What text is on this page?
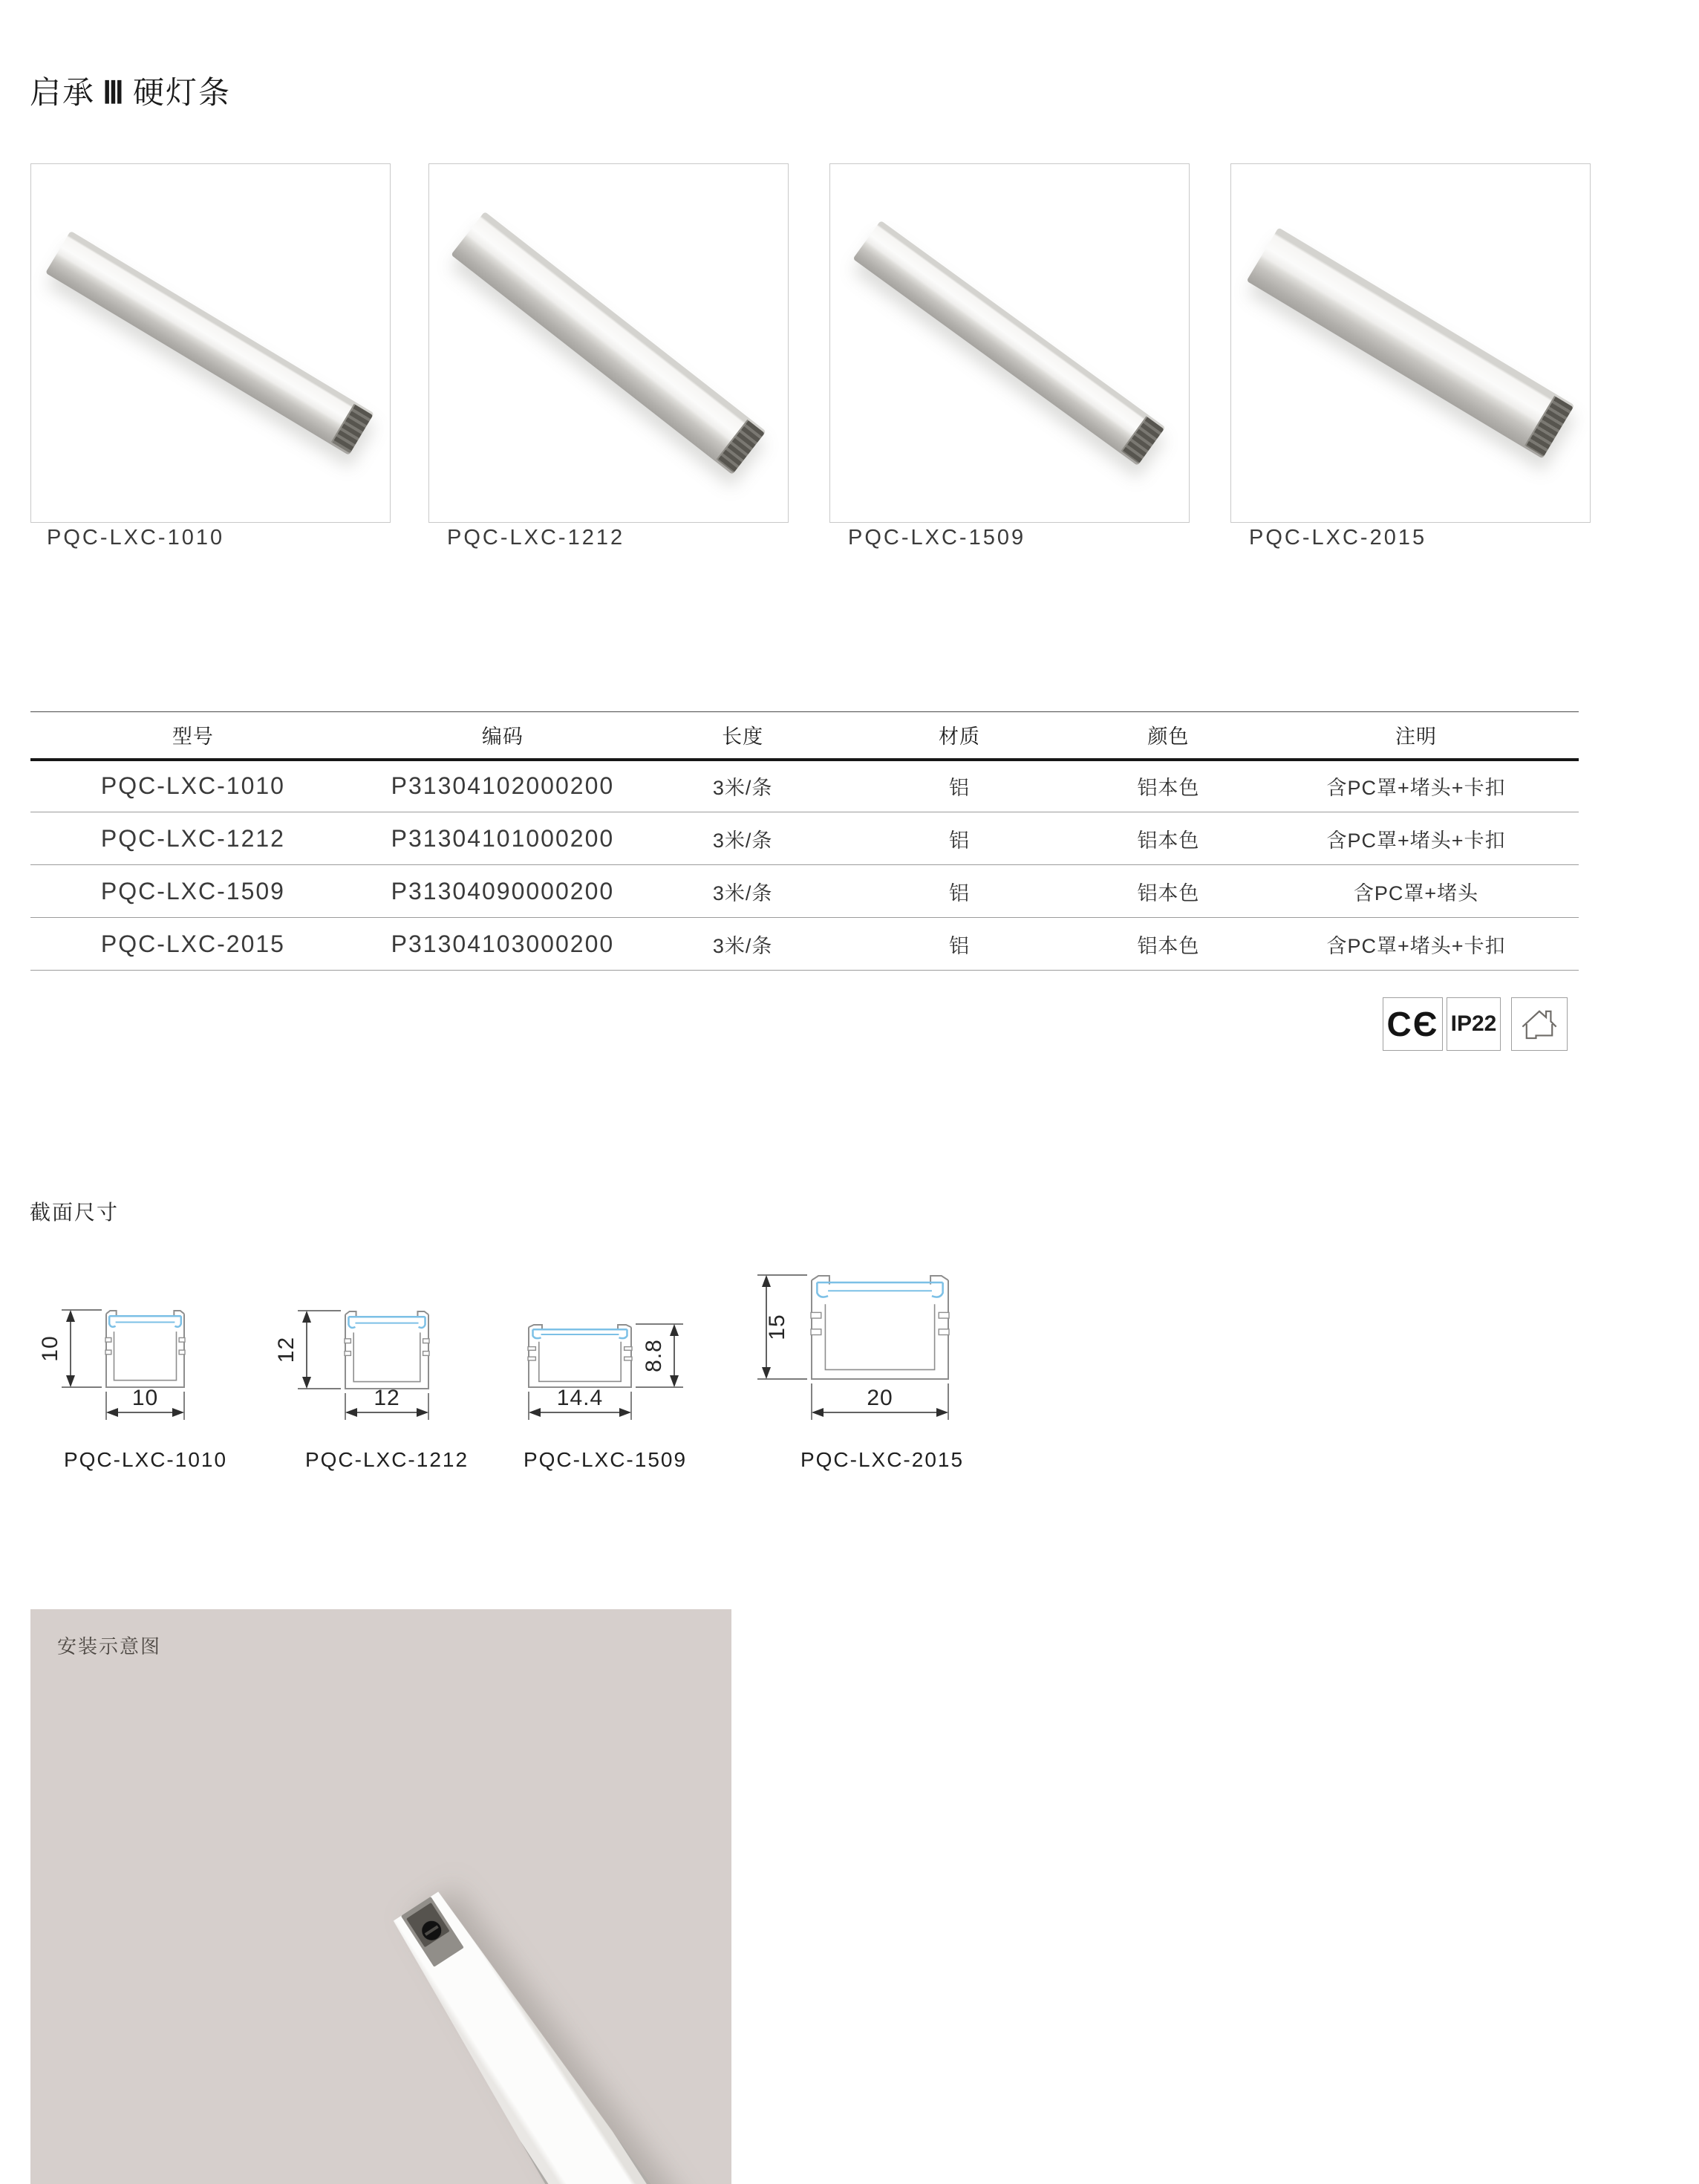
启承 Ⅲ 硬灯条
PQC-LXC-1010	PQC-LXC-1212	PQC-LXC-1509	PQC-LXC-2015
型号	编码	长度	材质	颜色	注明
PQC-LXC-1010	P31304102000200	3米/条	铝	铝本色	含PC罩+堵头+卡扣
PQC-LXC-1212	P31304101000200	3米/条	铝	铝本色	含PC罩+堵头+卡扣
PQC-LXC-1509	P31304090000200	3米/条	铝	铝本色	含PC罩+堵头
PQC-LXC-2015	P31304103000200	3米/条	铝	铝本色	含PC罩+堵头+卡扣
CЄ IP22
截面尺寸
10
10
12
12
8.8
14.4
15
20
PQC-LXC-1010	PQC-LXC-1212	PQC-LXC-1509	PQC-LXC-2015
安装示意图
